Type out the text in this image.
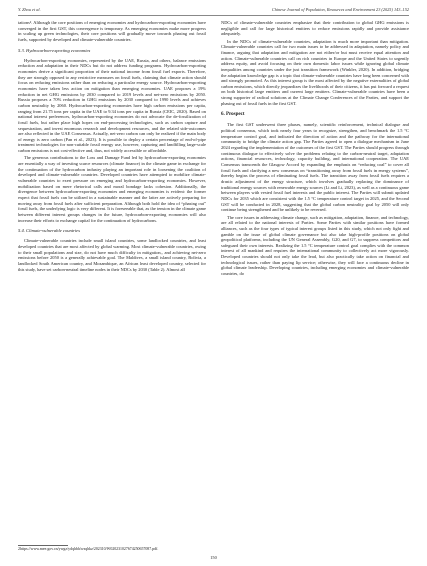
Y. Zhou et al.	Chinese Journal of Population, Resources and Environment 23 (2025) 143–152

tations². Although the core positions of emerging economies and hydrocarbon-exporting economies have converged in the first GST, this convergence is temporary. As emerging economies make more progress in scaling up green technologies, their core positions will gradually move towards phasing out fossil fuels, supported by developed and climate-vulnerable countries.

5.3. Hydrocarbon-exporting economies

Hydrocarbon-exporting economies, represented by the UAE, Russia, and others, balance emissions reduction and adaptation in their NDCs but do not address funding programs. Hydrocarbon-exporting economies derive a significant proportion of their national income from fossil fuel exports. Therefore, they are strongly opposed to any restrictive measures on fossil fuels, claiming that climate action should focus on reducing emissions rather than on reducing a particular energy source. Hydrocarbon-exporting economies have taken less action on mitigation than emerging economies. UAE proposes a 19% reduction in net GHG emissions by 2030 compared to 2019 levels and net-zero emissions by 2050. Russia proposes a 70% reduction in GHG emissions by 2030 compared to 1990 levels and achieves carbon neutrality by 2060. Hydrocarbon-exporting economies have high carbon emissions per capita, ranging from 21.75 tons per capita in the UAE to 9.34 tons per capita in Russia (CEIC, 2020). Based on national interest preferences, hydrocarbon-exporting economies do not advocate the de-fossilization of fossil fuels, but rather place high hopes on end-processing technologies, such as carbon capture and sequestration, and invest enormous research and development resources, and the related side-outcomes are also reflected in the UAE Consensus. Actually, net-zero carbon can only be realized if the main body of energy is zero carbon (Pan et al., 2023). It is possible to deploy a certain percentage of end-of-pipe treatment technologies for non-cuttable fossil energy use, however, capturing and landfilling large-scale carbon emissions is not cost-effective and, thus, not widely accessible or affordable.

The generous contributions to the Loss and Damage Fund led by hydrocarbon-exporting economies are essentially a way of investing scarce resources (climate finance) in the climate game in exchange for the continuation of the hydrocarbon industry playing an important role in loosening the coalition of developed and climate-vulnerable countries. Developed countries have attempted to mobilize climate-vulnerable countries to exert pressure on emerging and hydrocarbon-exporting economies. However, mobilization based on mere rhetorical calls and moral bondage lacks cohesion. Additionally, the divergence between hydrocarbon-exporting economies and emerging economies is evident: the former expect that fossil fuels can be utilized in a sustainable manner and the latter are actively preparing for moving away from fossil fuels after sufficient preparation. Although both hold the idea of “phasing out” fossil fuels, the underlying logic is very different. It is foreseeable that, as the tension in the climate game between different interest groups changes in the future, hydrocarbon-exporting economies will also increase their efforts to exchange capital for the continuation of hydrocarbons.

5.4. Climate-vulnerable countries

Climate-vulnerable countries include small island countries, some landlocked countries, and least developed countries that are most affected by global warming. Most climate-vulnerable countries, owing to their small populations and size, do not have much difficulty in mitigation,, and achieving net-zero emissions before 2050 is a generally achievable goal. The Maldives, a small island country, Bolivia, a landlocked South American country, and Mozambique, an African least developed country, selected for this study, have set carbon-neutral timeline nodes in their NDCs by 2030 (Table 2). Almost all

NDCs of climate-vulnerable countries emphasize that their contribution to global GHG emissions is negligible and call for large historical emitters to reduce emissions rapidly and provide assistance adequately.

In the NDCs of climate-vulnerable countries, adaptation is much more important than mitigation. Climate-vulnerable countries call for two main issues to be addressed in adaptation, namely policy and finance, arguing that adaptation and mitigation are not either/or but must receive equal attention and action. Climate-vulnerable countries call on rich countries in Europe and the United States to urgently address equity, and avoid focusing on their own domestic labor issues while ignoring global climate inequalities among countries under the just transition framework (Winkler, 2020). In addition, bridging the adaptation knowledge gap is a topic that climate-vulnerable countries have long been concerned with and strongly promoted. As this interest group is the most affected by the negative externalities of global carbon emissions, which directly jeopardizes the livelihoods of their citizens, it has put forward a request on both historical large emitters and current large emitters. Climate-vulnerable countries have been a strong supporter of radical solutions at the Climate Change Conferences of the Parties, and support the phasing out of fossil fuels in the first GST.

6. Prospect

The first GST underwent three phases, namely, scientific reinforcement, technical dialogue and political consensus, which took nearly four years to recognize, strengthen, and benchmark the 1.5 °C temperature control goal, and indicated the direction of action and the pathway for the international community to bridge the climate action gap. The Parties agreed to open a dialogue mechanism in June 2024 regarding the implementation of the outcomes of the first GST. The Parties should progress through continuous dialogue to effectively solve the problems relating to the carbon-neutral target, adaptation actions, financial resources, technology, capacity building, and international cooperation. The UAE Consensus transcends the Glasgow Accord by expanding the emphasis on “reducing coal” to cover all fossil fuels and clarifying a new consensus on “transitioning away from fossil fuels in energy systems”, thereby begins the process of eliminating fossil fuels. The transition away from fossil fuels requires a drastic adjustment of the energy structure, which involves gradually replacing the dominance of traditional energy sources with renewable energy sources (Li and Li, 2023), as well as a continuous game between players with vested fossil fuel interests and the public interest. The Parties will submit updated NDCs for 2035 which are consistent with the 1.5 °C temperature control target in 2025, and the Second GST will be conducted in 2028, suggesting that the global carbon neutrality goal by 2050 will only continue being strengthened and be unlikely to be reversed.

The core issues in addressing climate change, such as mitigation, adaptation, finance, and technology, are all related to the national interests of Parties. Some Parties with similar positions have formed alliances, such as the four types of typical interest groups listed in this study, which not only fight and gamble on the issue of global climate governance but also take high-profile positions on global geopolitical platforms, including the UN General Assembly, G20, and G7, to suppress competitors and safeguard their own interests. Realizing the 1.5 °C temperature control goal complies with the common interest of all mankind and requires the international community to collectively act more vigorously. Developed countries should not only take the lead, but also practically take action on financial and technological issues, rather than paying lip service; otherwise, they will face a continuous decline in global climate leadership. Developing countries, including emerging economies and climate-vulnerable countries, do

2https://www.mee.gov.cn/ywgz/ydqhbh/wsqhkz/202310/W020231027674250657087.pdf.
150
